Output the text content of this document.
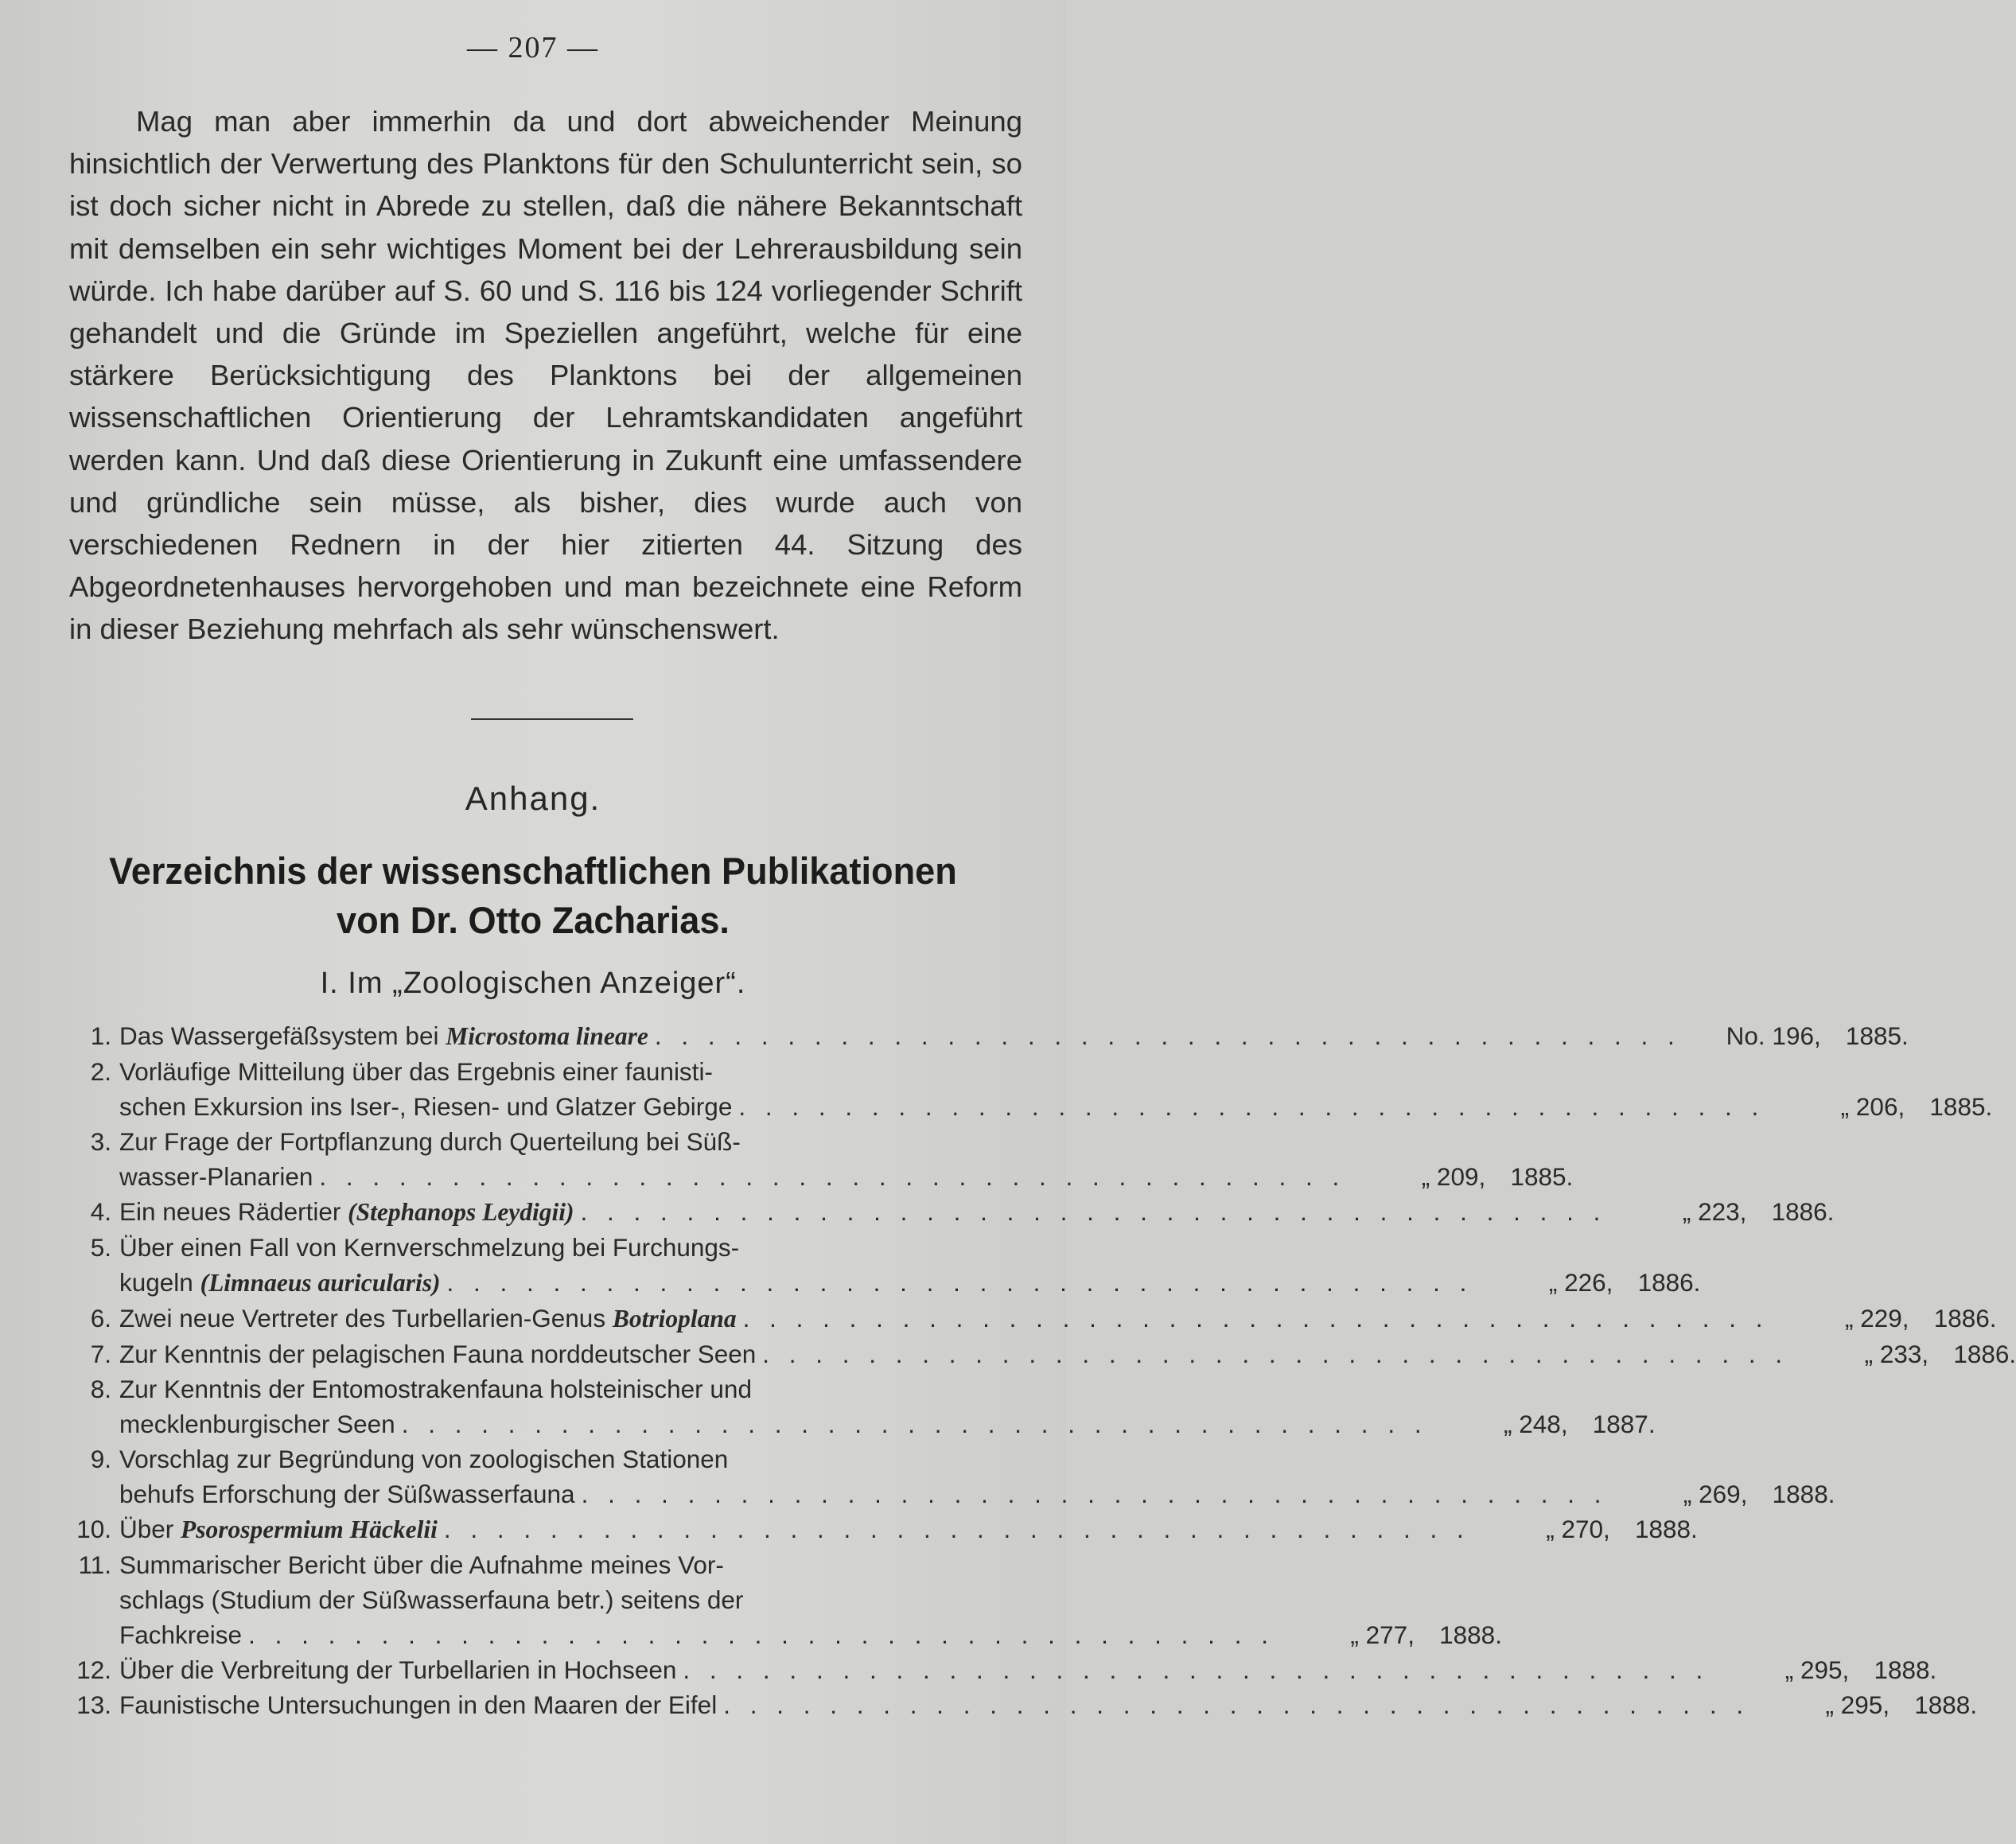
— 207 —

Mag man aber immerhin da und dort abweichender Meinung hinsichtlich der Verwertung des Planktons für den Schulunterricht sein, so ist doch sicher nicht in Abrede zu stellen, daß die nähere Bekanntschaft mit demselben ein sehr wichtiges Moment bei der Lehrerausbildung sein würde. Ich habe darüber auf S. 60 und S. 116 bis 124 vorliegender Schrift gehandelt und die Gründe im Speziellen angeführt, welche für eine stärkere Berücksichtigung des Planktons bei der allgemeinen wissenschaftlichen Orientierung der Lehramtskandidaten angeführt werden kann. Und daß diese Orientierung in Zukunft eine umfassendere und gründliche sein müsse, als bisher, dies wurde auch von verschiedenen Rednern in der hier zitierten 44. Sitzung des Abgeordnetenhauses hervorgehoben und man bezeichnete eine Reform in dieser Beziehung mehrfach als sehr wünschenswert.

Anhang.
Verzeichnis der wissenschaftlichen Publikationen
von Dr. Otto Zacharias.
I. Im „Zoologischen Anzeiger“.
1. Das Wassergefäßsystem bei Microstoma lineare . . . . . . . . . . . . . . . . . . . . . . . . . . . . . . . . . . . . . . .	No. 196, 1885.
2. Vorläufige Mitteilung über das Ergebnis einer faunisti-
schen Exkursion ins Iser-, Riesen- und Glatzer Gebirge . . . . . . . . . . . . . . . . . . . . . . . . . . . . . . . . . . . . . . .	„ 206, 1885.
3. Zur Frage der Fortpflanzung durch Querteilung bei Süß-
wasser-Planarien . . . . . . . . . . . . . . . . . . . . . . . . . . . . . . . . . . . . . . .	„ 209, 1885.
4. Ein neues Rädertier (Stephanops Leydigii) . . . . . . . . . . . . . . . . . . . . . . . . . . . . . . . . . . . . . . .	„ 223, 1886.
5. Über einen Fall von Kernverschmelzung bei Furchungs-
kugeln (Limnaeus auricularis) . . . . . . . . . . . . . . . . . . . . . . . . . . . . . . . . . . . . . . .	„ 226, 1886.
6. Zwei neue Vertreter des Turbellarien-Genus Botrioplana . . . . . . . . . . . . . . . . . . . . . . . . . . . . . . . . . . . . . . .	„ 229, 1886.
7. Zur Kenntnis der pelagischen Fauna norddeutscher Seen . . . . . . . . . . . . . . . . . . . . . . . . . . . . . . . . . . . . . . .	„ 233, 1886.
8. Zur Kenntnis der Entomostrakenfauna holsteinischer und
mecklenburgischer Seen . . . . . . . . . . . . . . . . . . . . . . . . . . . . . . . . . . . . . . .	„ 248, 1887.
9. Vorschlag zur Begründung von zoologischen Stationen
behufs Erforschung der Süßwasserfauna . . . . . . . . . . . . . . . . . . . . . . . . . . . . . . . . . . . . . . .	„ 269, 1888.
10. Über Psorospermium Häckelii . . . . . . . . . . . . . . . . . . . . . . . . . . . . . . . . . . . . . . .	„ 270, 1888.
11. Summarischer Bericht über die Aufnahme meines Vor-
schlags (Studium der Süßwasserfauna betr.) seitens der
Fachkreise . . . . . . . . . . . . . . . . . . . . . . . . . . . . . . . . . . . . . . .	„ 277, 1888.
12. Über die Verbreitung der Turbellarien in Hochseen . . . . . . . . . . . . . . . . . . . . . . . . . . . . . . . . . . . . . . .	„ 295, 1888.
13. Faunistische Untersuchungen in den Maaren der Eifel . . . . . . . . . . . . . . . . . . . . . . . . . . . . . . . . . . . . . . .	„ 295, 1888.
